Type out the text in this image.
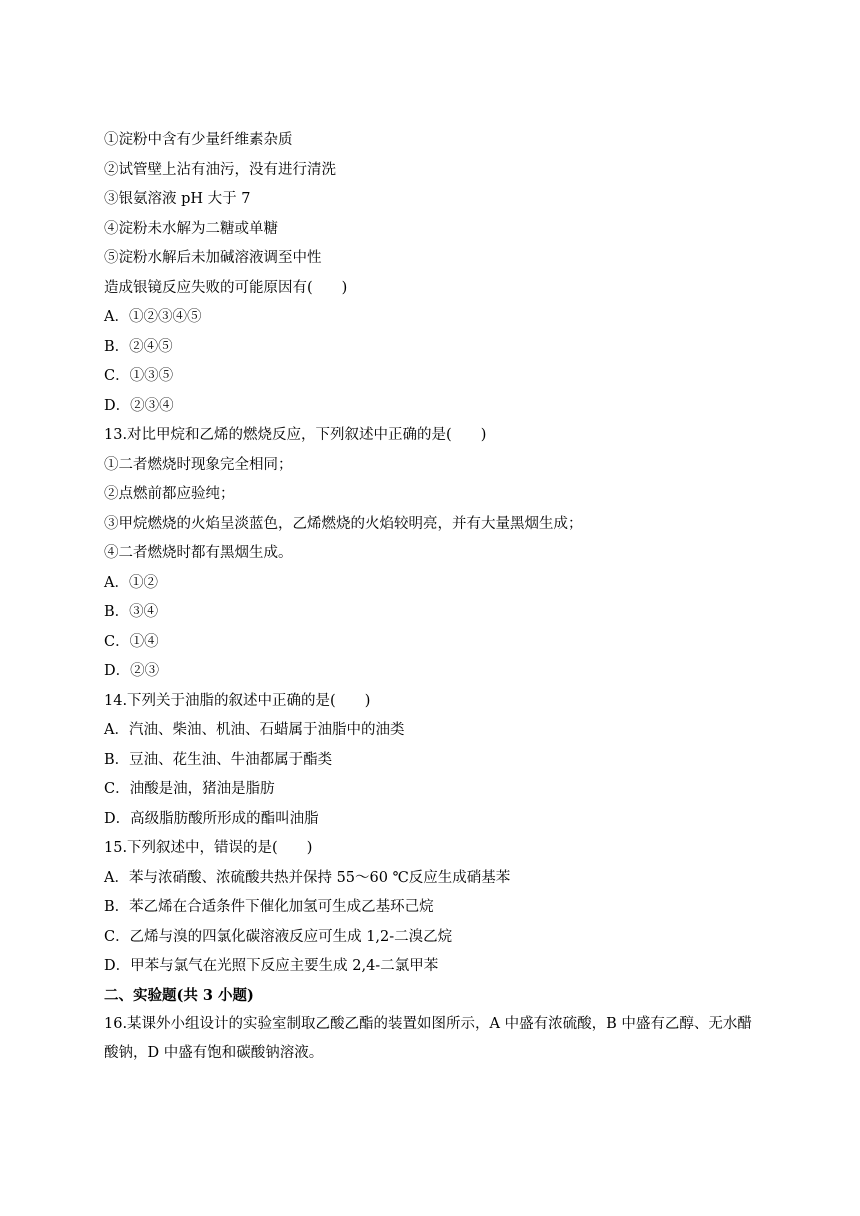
①淀粉中含有少量纤维素杂质
②试管壁上沾有油污，没有进行清洗
③银氨溶液 pH 大于 7
④淀粉未水解为二糖或单糖
⑤淀粉水解后未加碱溶液调至中性
造成银镜反应失败的可能原因有(　　)
A．①②③④⑤
B．②④⑤
C．①③⑤
D．②③④
13.对比甲烷和乙烯的燃烧反应，下列叙述中正确的是(　　)
①二者燃烧时现象完全相同；
②点燃前都应验纯；
③甲烷燃烧的火焰呈淡蓝色，乙烯燃烧的火焰较明亮，并有大量黑烟生成；
④二者燃烧时都有黑烟生成。
A．①②
B．③④
C．①④
D．②③
14.下列关于油脂的叙述中正确的是(　　)
A．汽油、柴油、机油、石蜡属于油脂中的油类
B．豆油、花生油、牛油都属于酯类
C．油酸是油，猪油是脂肪
D．高级脂肪酸所形成的酯叫油脂
15.下列叙述中，错误的是(　　)
A．苯与浓硝酸、浓硫酸共热并保持 55～60 ℃反应生成硝基苯
B．苯乙烯在合适条件下催化加氢可生成乙基环己烷
C．乙烯与溴的四氯化碳溶液反应可生成 1,2-二溴乙烷
D．甲苯与氯气在光照下反应主要生成 2,4-二氯甲苯
二、实验题(共 3 小题)
16.某课外小组设计的实验室制取乙酸乙酯的装置如图所示，A 中盛有浓硫酸，B 中盛有乙醇、无水醋酸钠，D 中盛有饱和碳酸钠溶液。
